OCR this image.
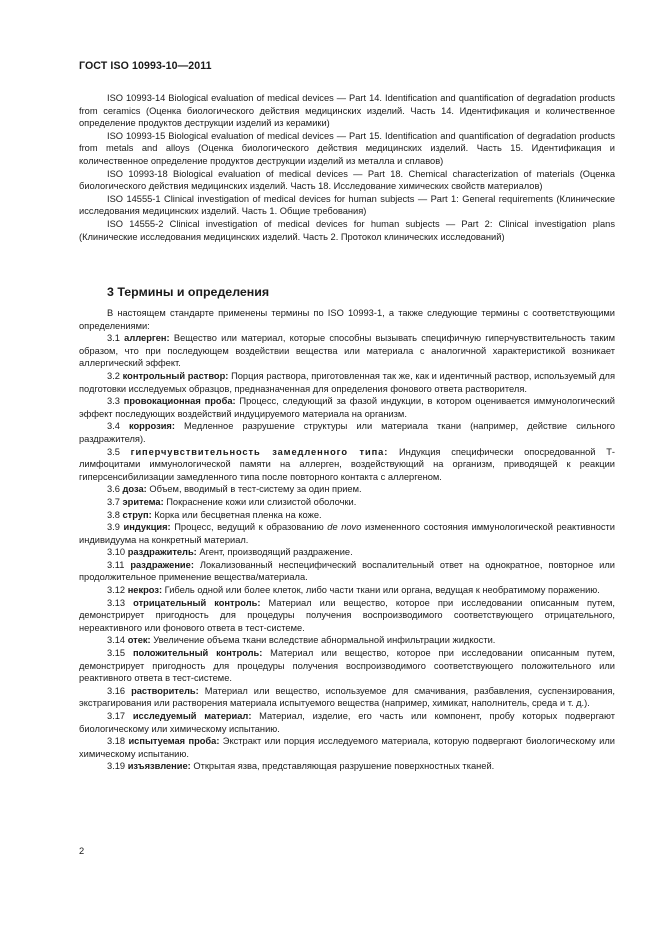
ГОСТ ISO 10993-10—2011

ISO 10993-14 Biological evaluation of medical devices — Part 14. Identification and quantification of degradation products from ceramics (Оценка биологического действия медицинских изделий. Часть 14. Идентификация и количественное определение продуктов деструкции изделий из керамики)

ISO 10993-15 Biological evaluation of medical devices — Part 15. Identification and quantification of degradation products from metals and alloys (Оценка биологического действия медицинских изделий. Часть 15. Идентификация и количественное определение продуктов деструкции изделий из металла и сплавов)

ISO 10993-18 Biological evaluation of medical devices — Part 18. Chemical characterization of materials (Оценка биологического действия медицинских изделий. Часть 18. Исследование химических свойств материалов)

ISO 14555-1 Clinical investigation of medical devices for human subjects — Part 1: General requirements (Клинические исследования медицинских изделий. Часть 1. Общие требования)

ISO 14555-2 Clinical investigation of medical devices for human subjects — Part 2: Clinical investigation plans (Клинические исследования медицинских изделий. Часть 2. Протокол клинических исследований)

3 Термины и определения

В настоящем стандарте применены термины по ISO 10993-1, а также следующие термины с соответствующими определениями:

3.1 аллерген: Вещество или материал, которые способны вызывать специфичную гиперчувствительность таким образом, что при последующем воздействии вещества или материала с аналогичной характеристикой возникает аллергический эффект.

3.2 контрольный раствор: Порция раствора, приготовленная так же, как и идентичный раствор, используемый для подготовки исследуемых образцов, предназначенная для определения фонового ответа растворителя.

3.3 провокационная проба: Процесс, следующий за фазой индукции, в котором оценивается иммунологический эффект последующих воздействий индуцируемого материала на организм.

3.4 коррозия: Медленное разрушение структуры или материала ткани (например, действие сильного раздражителя).

3.5 гиперчувствительность замедленного типа: Индукция специфически опосредованной Т-лимфоцитами иммунологической памяти на аллерген, воздействующий на организм, приводящей к реакции гиперсенсибилизации замедленного типа после повторного контакта с аллергеном.

3.6 доза: Объем, вводимый в тест-систему за один прием.

3.7 эритема: Покраснение кожи или слизистой оболочки.

3.8 струп: Корка или бесцветная пленка на коже.

3.9 индукция: Процесс, ведущий к образованию de novo измененного состояния иммунологической реактивности индивидуума на конкретный материал.

3.10 раздражитель: Агент, производящий раздражение.

3.11 раздражение: Локализованный неспецифический воспалительный ответ на однократное, повторное или продолжительное применение вещества/материала.

3.12 некроз: Гибель одной или более клеток, либо части ткани или органа, ведущая к необратимому поражению.

3.13 отрицательный контроль: Материал или вещество, которое при исследовании описанным путем, демонстрирует пригодность для процедуры получения воспроизводимого соответствующего отрицательного, нереактивного или фонового ответа в тест-системе.

3.14 отек: Увеличение объема ткани вследствие абнормальной инфильтрации жидкости.

3.15 положительный контроль: Материал или вещество, которое при исследовании описанным путем, демонстрирует пригодность для процедуры получения воспроизводимого соответствующего положительного или реактивного ответа в тест-системе.

3.16 растворитель: Материал или вещество, используемое для смачивания, разбавления, суспензирования, экстрагирования или растворения материала испытуемого вещества (например, химикат, наполнитель, среда и т. д.).

3.17 исследуемый материал: Материал, изделие, его часть или компонент, пробу которых подвергают биологическому или химическому испытанию.

3.18 испытуемая проба: Экстракт или порция исследуемого материала, которую подвергают биологическому или химическому испытанию.

3.19 изъязвление: Открытая язва, представляющая разрушение поверхностных тканей.

2
